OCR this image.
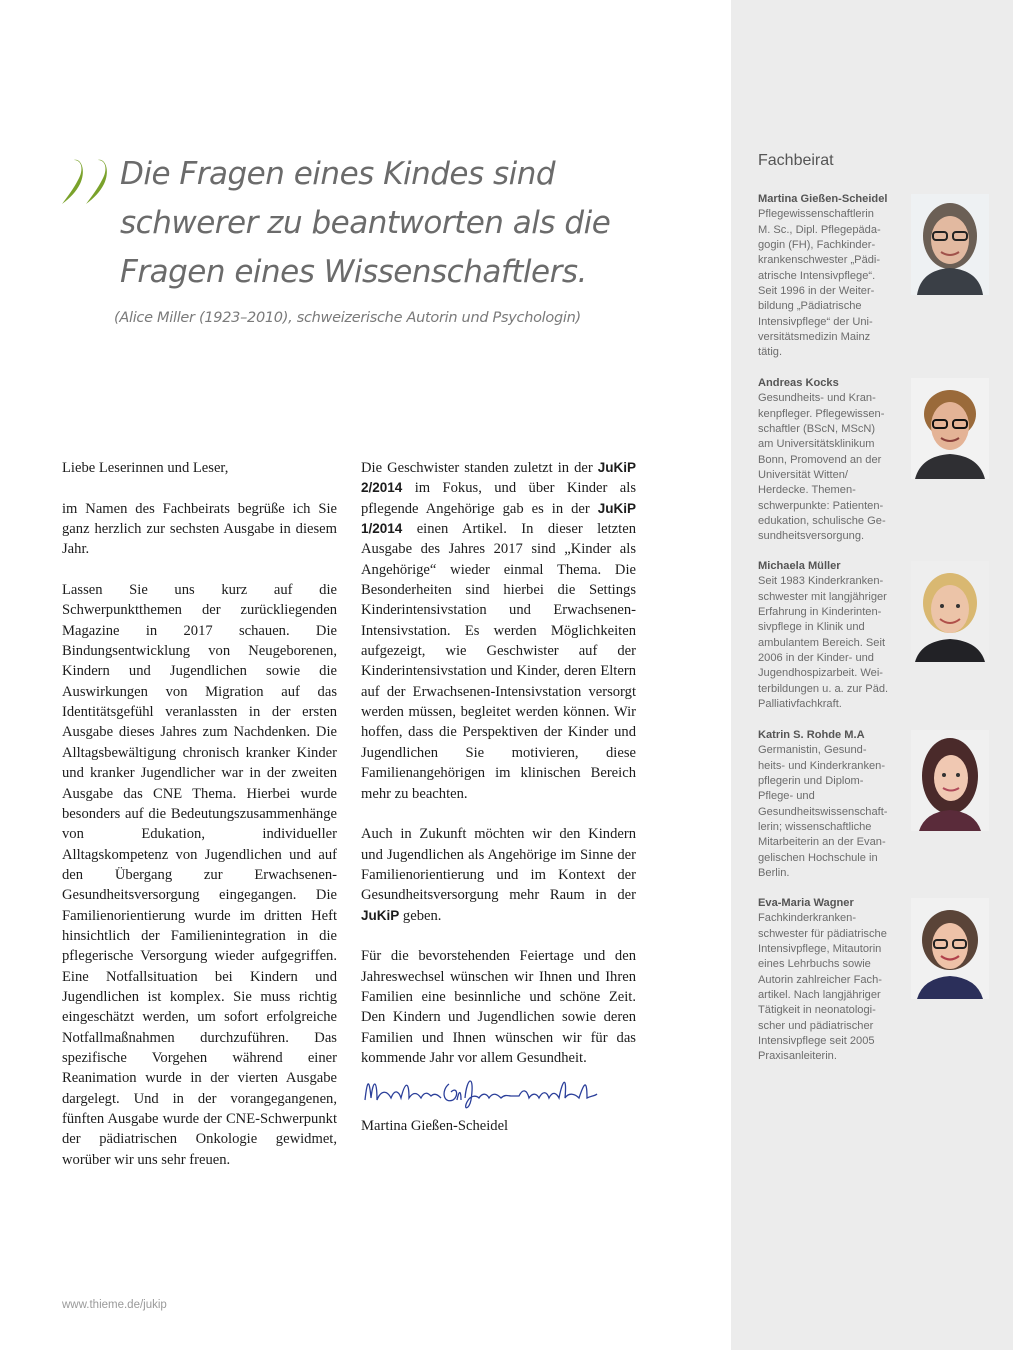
Die Fragen eines Kindes sind
schwerer zu beantworten als die
Fragen eines Wissenschaftlers.
(Alice Miller (1923–2010), schweizerische Autorin und Psychologin)

Liebe Leserinnen und Leser,

im Namen des Fachbeirats begrüße ich Sie ganz herzlich zur sechsten Ausgabe in diesem Jahr.

Lassen Sie uns kurz auf die Schwerpunktthemen der zurückliegenden Magazine in 2017 schauen. Die Bindungsentwicklung von Neugeborenen, Kindern und Jugendlichen sowie die Auswirkungen von Migration auf das Identitätsgefühl veranlassten in der ersten Ausgabe dieses Jahres zum Nachdenken. Die Alltagsbewältigung chronisch kranker Kinder und kranker Jugendlicher war in der zweiten Ausgabe das CNE Thema. Hierbei wurde besonders auf die Bedeutungszusammenhänge von Edukation, individueller Alltagskompetenz von Jugendlichen und auf den Übergang zur Erwachsenen-Gesundheitsversorgung eingegangen. Die Familienorientierung wurde im dritten Heft hinsichtlich der Familienintegration in die pflegerische Versorgung wieder aufgegriffen. Eine Notfallsituation bei Kindern und Jugendlichen ist komplex. Sie muss richtig eingeschätzt werden, um sofort erfolgreiche Notfallmaßnahmen durchzuführen. Das spezifische Vorgehen während einer Reanimation wurde in der vierten Ausgabe dargelegt. Und in der vorangegangenen, fünften Ausgabe wurde der CNE-Schwerpunkt der pädiatrischen Onkologie gewidmet, worüber wir uns sehr freuen.

Die Geschwister standen zuletzt in der JuKiP 2/2014 im Fokus, und über Kinder als pflegende Angehörige gab es in der JuKiP 1/2014 einen Artikel. In dieser letzten Ausgabe des Jahres 2017 sind „Kinder als Angehörige“ wieder einmal Thema. Die Besonderheiten sind hierbei die Settings Kinderintensivstation und Erwachsenen-Intensivstation. Es werden Möglichkeiten aufgezeigt, wie Geschwister auf der Kinderintensivstation und Kinder, deren Eltern auf der Erwachsenen-Intensivstation versorgt werden müssen, begleitet werden können. Wir hoffen, dass die Perspektiven der Kinder und Jugendlichen Sie motivieren, diese Familienangehörigen im klinischen Bereich mehr zu beachten.

Auch in Zukunft möchten wir den Kindern und Jugendlichen als Angehörige im Sinne der Familienorientierung und im Kontext der Gesundheitsversorgung mehr Raum in der JuKiP geben.

Für die bevorstehenden Feiertage und den Jahreswechsel wünschen wir Ihnen und Ihren Familien eine besinnliche und schöne Zeit. Den Kindern und Jugendlichen sowie deren Familien und Ihnen wünschen wir für das kommende Jahr vor allem Gesundheit.

Martina Gießen-Scheidel

Fachbeirat
Martina Gießen-Scheidel
Pflegewissenschaftlerin
M. Sc., Dipl. Pflegepäda-
gogin (FH), Fachkinder-
krankenschwester „Pädi-
atrische Intensivpflege“.
Seit 1996 in der Weiter-
bildung „Pädiatrische
Intensivpflege“ der Uni-
versitätsmedizin Mainz
tätig.
Andreas Kocks
Gesundheits- und Kran-
kenpfleger. Pflegewissen-
schaftler (BScN, MScN)
am Universitätsklinikum
Bonn, Promovend an der
Universität Witten/
Herdecke. Themen-
schwerpunkte: Patienten-
edukation, schulische Ge-
sundheitsversorgung.
Michaela Müller
Seit 1983 Kinderkranken-
schwester mit langjähriger
Erfahrung in Kinderinten-
sivpflege in Klinik und
ambulantem Bereich. Seit
2006 in der Kinder- und
Jugendhospizarbeit. Wei-
terbildungen u. a. zur Päd.
Palliativfachkraft.
Katrin S. Rohde M.A
Germanistin, Gesund-
heits- und Kinderkranken-
pflegerin und Diplom-
Pflege- und
Gesundheitswissenschaft-
lerin; wissenschaftliche
Mitarbeiterin an der Evan-
gelischen Hochschule in
Berlin.
Eva-Maria Wagner
Fachkinderkranken-
schwester für pädiatrische
Intensivpflege, Mitautorin
eines Lehrbuchs sowie
Autorin zahlreicher Fach-
artikel. Nach langjähriger
Tätigkeit in neonatologi-
scher und pädiatrischer
Intensivpflege seit 2005
Praxisanleiterin.
www.thieme.de/jukip
